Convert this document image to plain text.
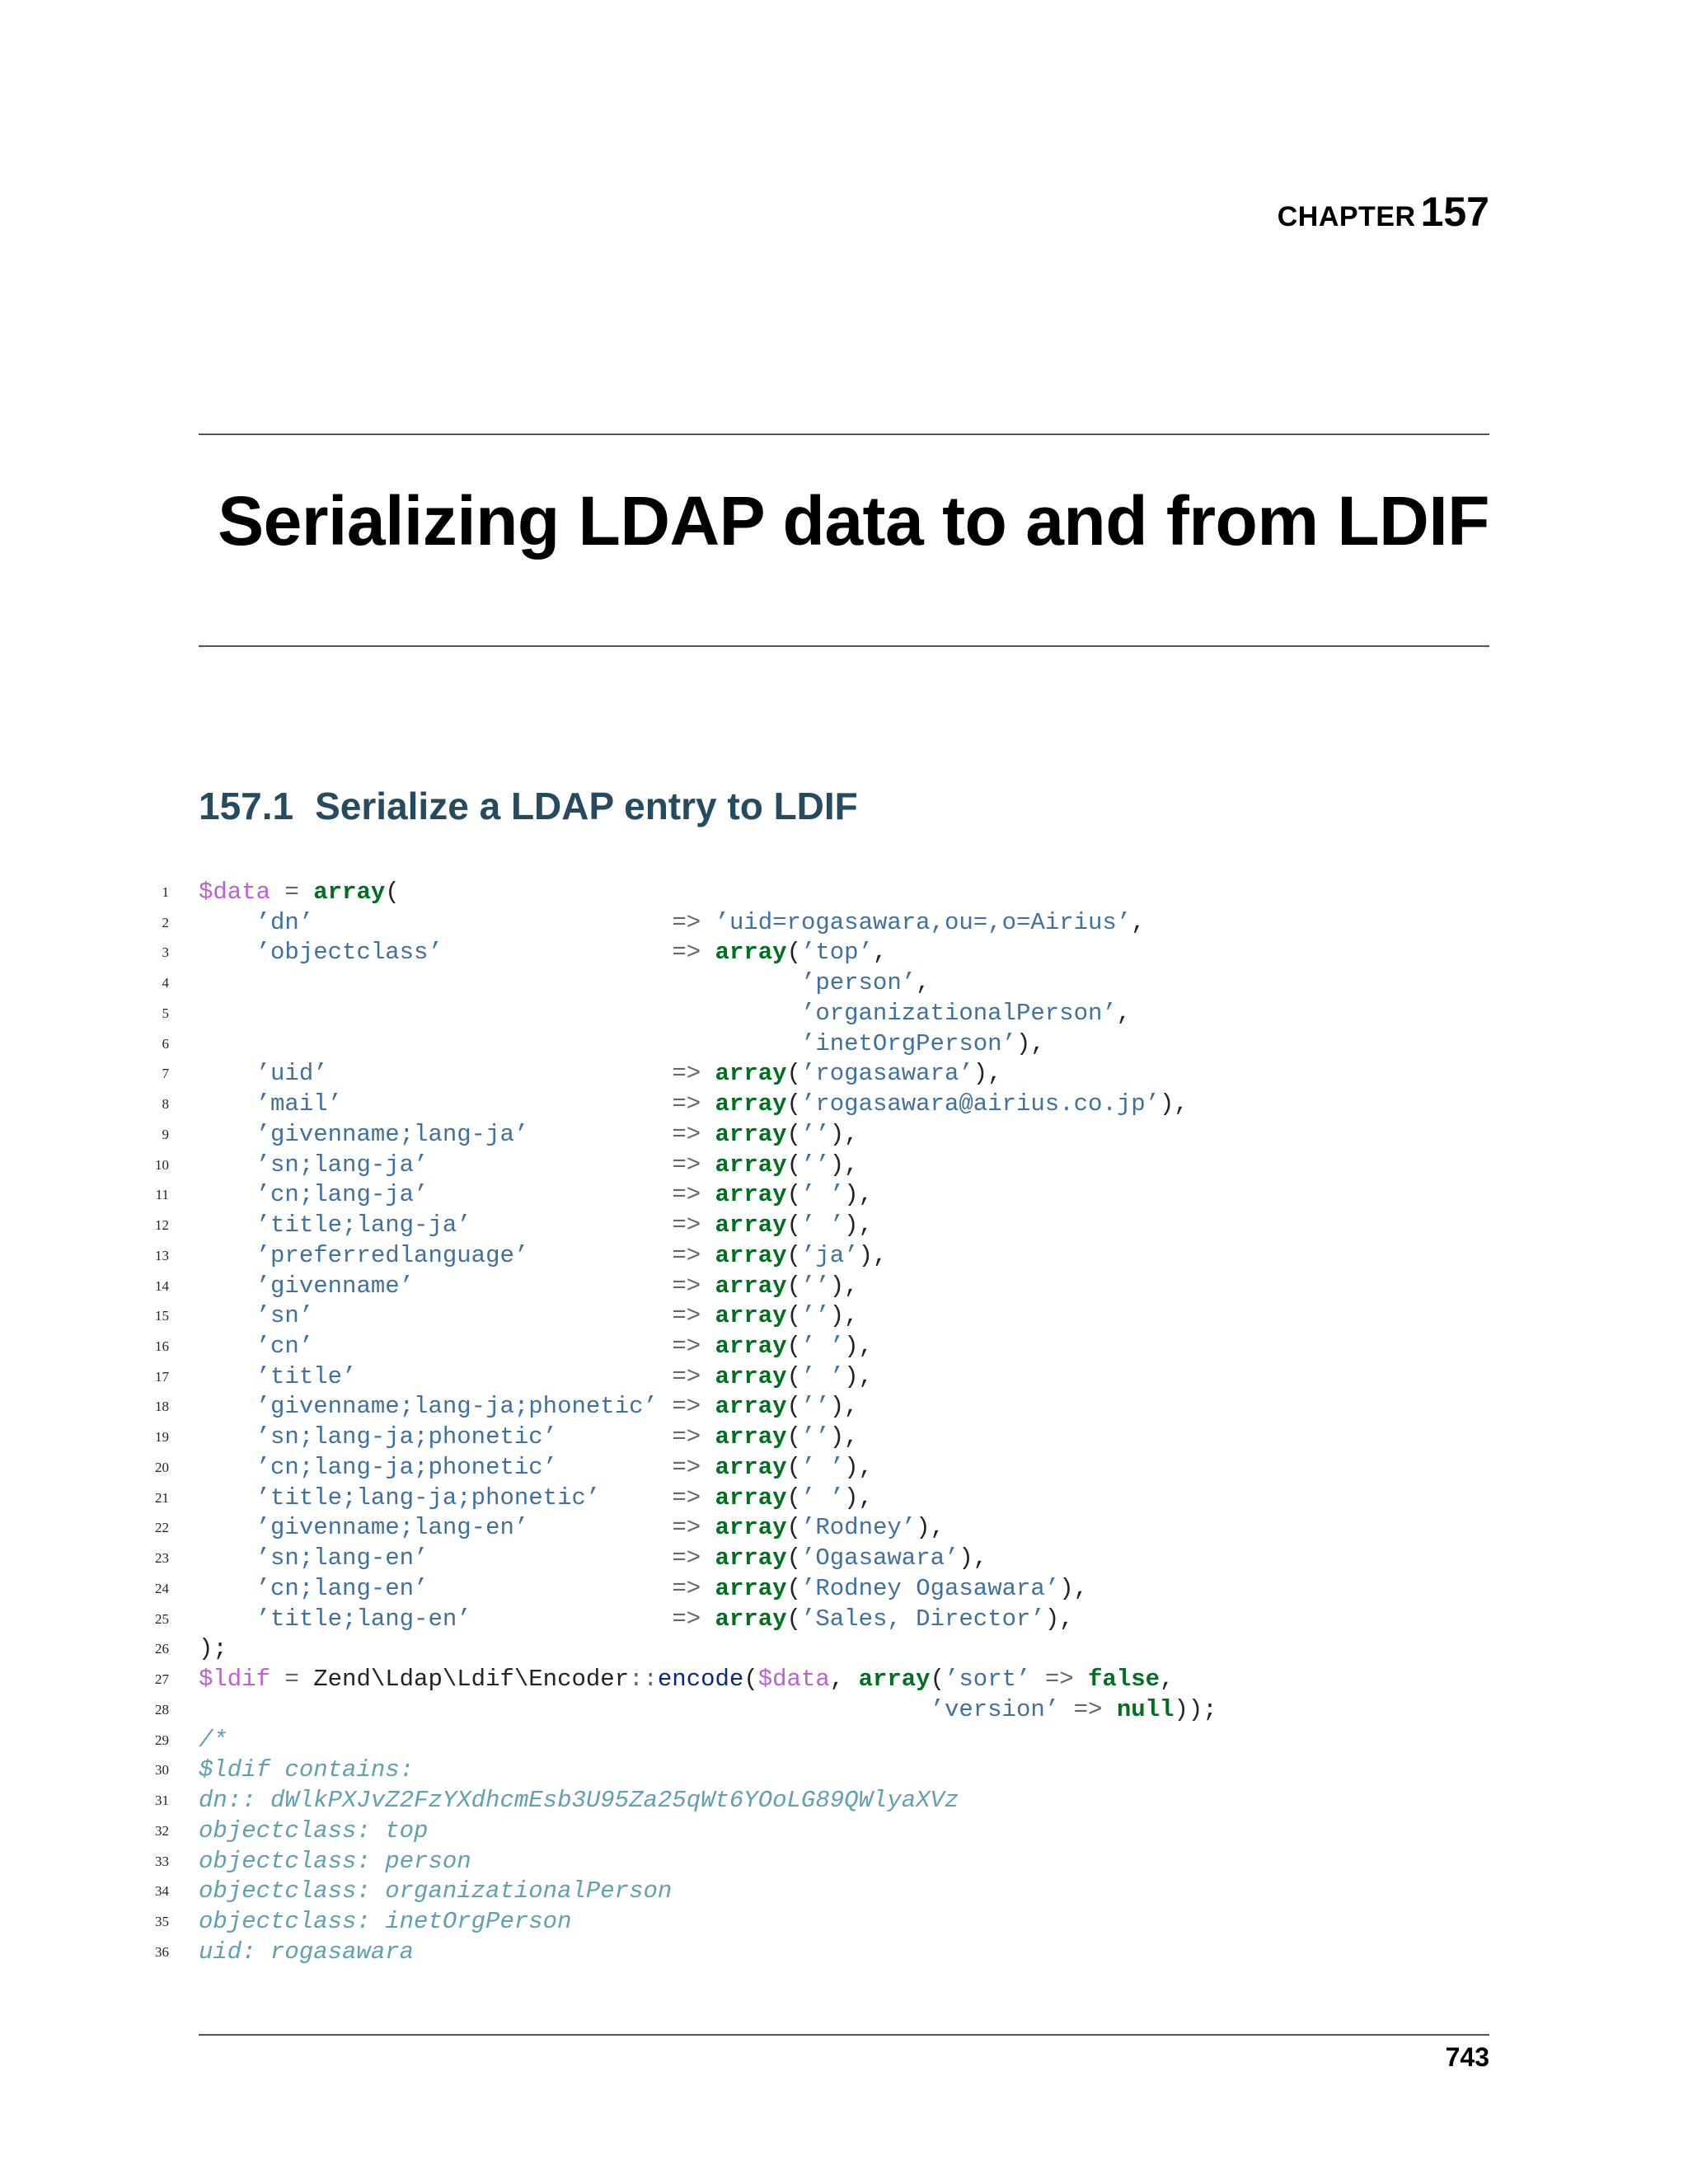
CHAPTER 157
Serializing LDAP data to and from LDIF
157.1 Serialize a LDAP entry to LDIF
1 $data = array(
2	’dn’	=> ’uid=rogasawara,ou=,o=Airius’,
3	’objectclass’	=> array(’top’,
4	’person’,
5	’organizationalPerson’,
6	’inetOrgPerson’),
7	’uid’	=> array(’rogasawara’),
8	’mail’	=> array(’rogasawara@airius.co.jp’),
9	’givenname;lang-ja’	=> array(’’),
10	’sn;lang-ja’	=> array(’’),
11	’cn;lang-ja’	=> array(’ ’),
12	’title;lang-ja’	=> array(’ ’),
13	’preferredlanguage’	=> array(’ja’),
14	’givenname’	=> array(’’),
15	’sn’	=> array(’’),
16	’cn’	=> array(’ ’),
17	’title’	=> array(’ ’),
18	’givenname;lang-ja;phonetic’ => array(’’),
19	’sn;lang-ja;phonetic’	=> array(’’),
20	’cn;lang-ja;phonetic’	=> array(’ ’),
21	’title;lang-ja;phonetic’	=> array(’ ’),
22	’givenname;lang-en’	=> array(’Rodney’),
23	’sn;lang-en’	=> array(’Ogasawara’),
24	’cn;lang-en’	=> array(’Rodney Ogasawara’),
25	’title;lang-en’	=> array(’Sales, Director’),
26 );
27 $ldif = Zend\Ldap\Ldif\Encoder::encode($data, array(’sort’ => false,
28	’version’ => null));
29 /*
30 $ldif contains:
31 dn:: dWlkPXJvZ2FzYXdhcmEsb3U95Za25qWt6YOoLG89QWlyaXVz
32 objectclass: top
33 objectclass: person
34 objectclass: organizationalPerson
35 objectclass: inetOrgPerson
36 uid: rogasawara
743
